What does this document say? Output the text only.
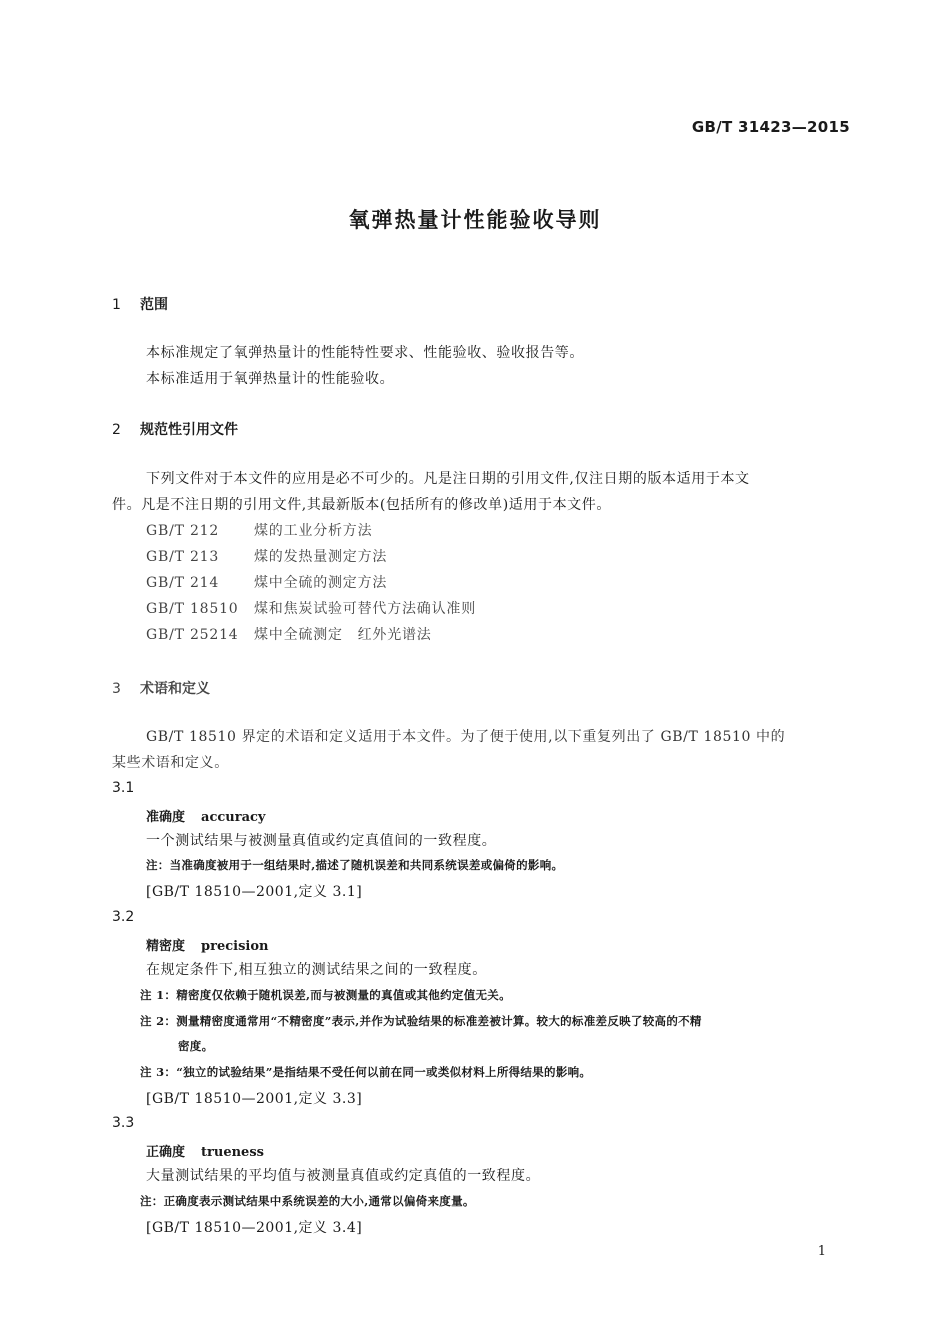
GB/T 31423—2015
氧弹热量计性能验收导则
1 范围
本标准规定了氧弹热量计的性能特性要求、性能验收、验收报告等。
本标准适用于氧弹热量计的性能验收。
2 规范性引用文件
下列文件对于本文件的应用是必不可少的。凡是注日期的引用文件,仅注日期的版本适用于本文
件。凡是不注日期的引用文件,其最新版本(包括所有的修改单)适用于本文件。
GB/T 212 煤的工业分析方法
GB/T 213 煤的发热量测定方法
GB/T 214 煤中全硫的测定方法
GB/T 18510 煤和焦炭试验可替代方法确认准则
GB/T 25214 煤中全硫测定　红外光谱法
3 术语和定义
GB/T 18510 界定的术语和定义适用于本文件。为了便于使用,以下重复列出了 GB/T 18510 中的
某些术语和定义。
3.1
准确度 accuracy
一个测试结果与被测量真值或约定真值间的一致程度。
注：当准确度被用于一组结果时,描述了随机误差和共同系统误差或偏倚的影响。
[GB/T 18510—2001,定义 3.1]
3.2
精密度 precision
在规定条件下,相互独立的测试结果之间的一致程度。
注 1：精密度仅依赖于随机误差,而与被测量的真值或其他约定值无关。
注 2：测量精密度通常用“不精密度”表示,并作为试验结果的标准差被计算。较大的标准差反映了较高的不精
密度。
注 3：“独立的试验结果”是指结果不受任何以前在同一或类似材料上所得结果的影响。
[GB/T 18510—2001,定义 3.3]
3.3
正确度 trueness
大量测试结果的平均值与被测量真值或约定真值的一致程度。
注：正确度表示测试结果中系统误差的大小,通常以偏倚来度量。
[GB/T 18510—2001,定义 3.4]
1
